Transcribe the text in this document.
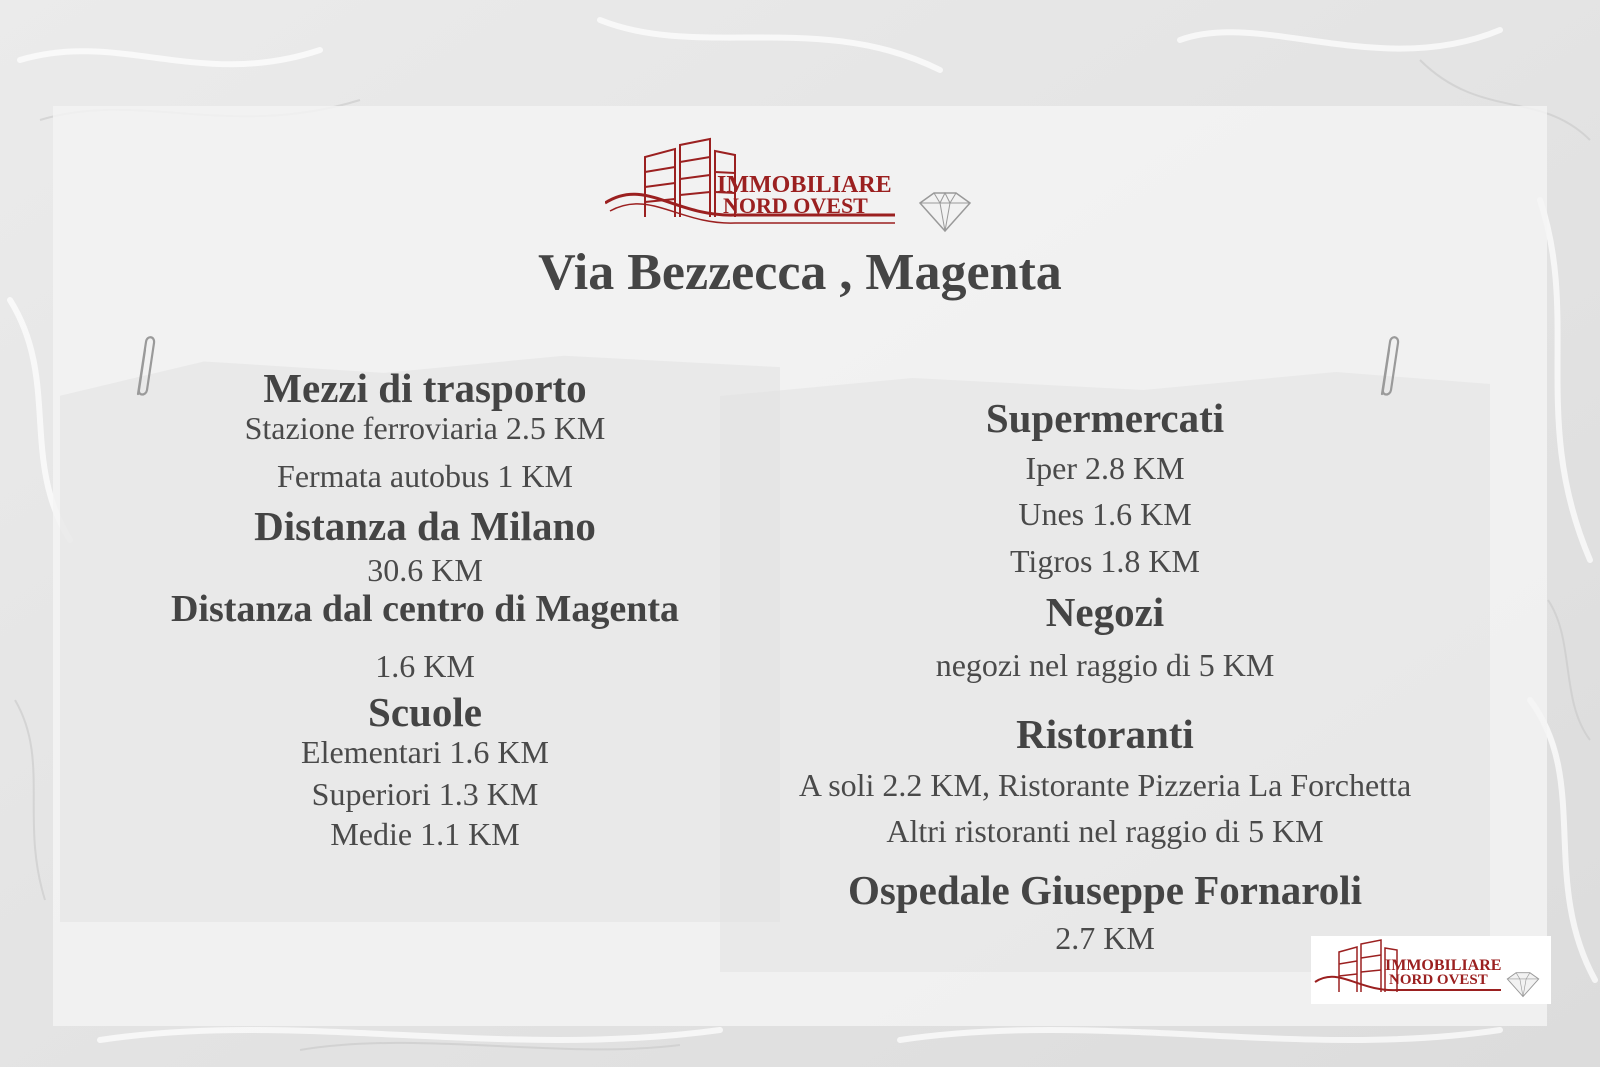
IMMOBILIARE
NORD OVEST
Via Bezzecca , Magenta
Mezzi di trasporto
Stazione ferroviaria 2.5 KM
Fermata autobus 1 KM
Distanza da Milano
30.6 KM
Distanza dal centro di Magenta
1.6 KM
Scuole
Elementari 1.6 KM
Superiori 1.3 KM
Medie 1.1 KM
Supermercati
Iper 2.8 KM
Unes 1.6 KM
Tigros 1.8 KM
Negozi
negozi nel raggio di 5 KM
Ristoranti
A soli 2.2 KM, Ristorante Pizzeria La Forchetta
Altri ristoranti nel raggio di 5 KM
Ospedale Giuseppe Fornaroli
2.7 KM
IMMOBILIARE
NORD OVEST
